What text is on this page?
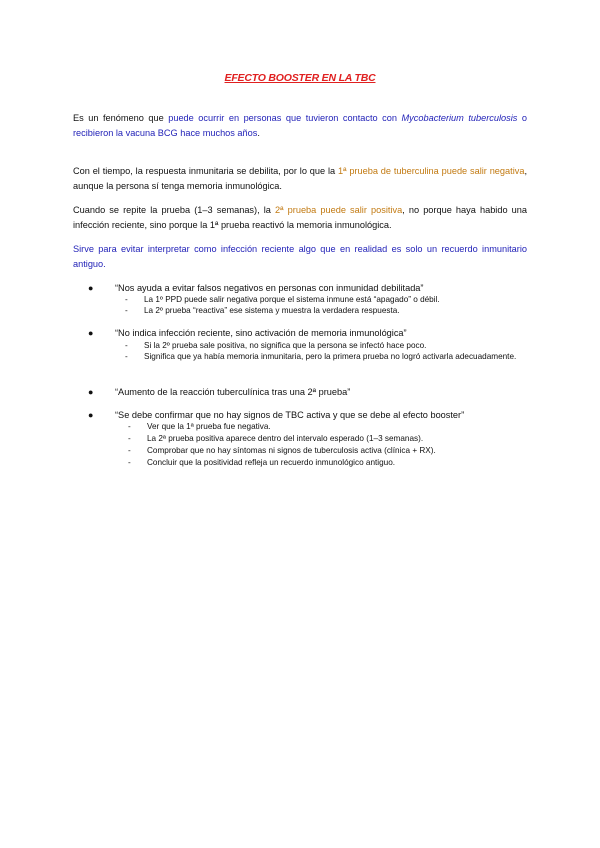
EFECTO BOOSTER EN LA TBC
Es un fenómeno que puede ocurrir en personas que tuvieron contacto con Mycobacterium tuberculosis o recibieron la vacuna BCG hace muchos años.
Con el tiempo, la respuesta inmunitaria se debilita, por lo que la 1ª prueba de tuberculina puede salir negativa, aunque la persona sí tenga memoria inmunológica.
Cuando se repite la prueba (1–3 semanas), la 2ª prueba puede salir positiva, no porque haya habido una infección reciente, sino porque la 1ª prueba reactivó la memoria inmunológica.
Sirve para evitar interpretar como infección reciente algo que en realidad es solo un recuerdo inmunitario antiguo.
● “Nos ayuda a evitar falsos negativos en personas con inmunidad debilitada”
- La 1º PPD puede salir negativa porque el sistema inmune está “apagado” o débil.
- La 2º prueba “reactiva” ese sistema y muestra la verdadera respuesta.
● “No indica infección reciente, sino activación de memoria inmunológica”
- Si la 2º prueba sale positiva, no significa que la persona se infectó hace poco.
- Significa que ya había memoria inmunitaria, pero la primera prueba no logró activarla adecuadamente.
● “Aumento de la reacción tuberculínica tras una 2ª prueba”
● “Se debe confirmar que no hay signos de TBC activa y que se debe al efecto booster”
- Ver que la 1ª prueba fue negativa.
- La 2ª prueba positiva aparece dentro del intervalo esperado (1–3 semanas).
- Comprobar que no hay síntomas ni signos de tuberculosis activa (clínica + RX).
- Concluir que la positividad refleja un recuerdo inmunológico antiguo.
